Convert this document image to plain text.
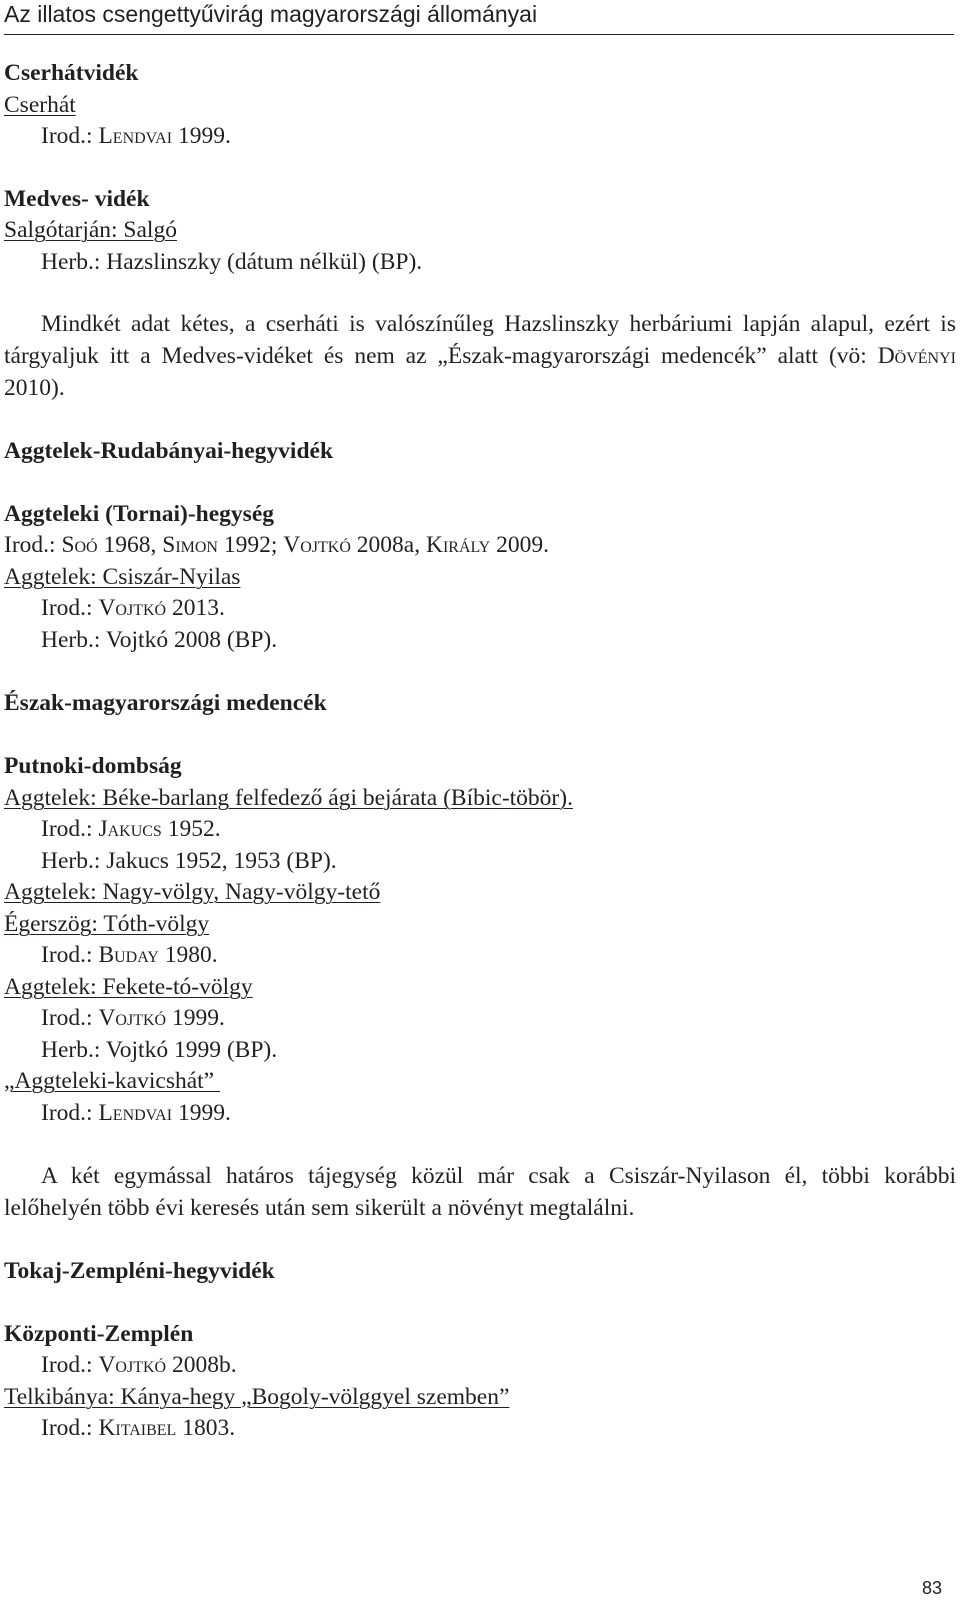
Az illatos csengettyűvirág magyarországi állományai
Cserhátvidék
Cserhát
Irod.: Lendvai 1999.
Medves- vidék
Salgótarján: Salgó
Herb.: Hazslinszky (dátum nélkül) (BP).
Mindkét adat kétes, a cserháti is valószínűleg Hazslinszky herbáriumi lapján alapul, ezért is tárgyaljuk itt a Medves-vidéket és nem az „Észak-magyarországi medencék” alatt (vö: Dövényi 2010).
Aggtelek-Rudabányai-hegyvidék
Aggteleki (Tornai)-hegység
Irod.: Soó 1968, Simon 1992; Vojtkó 2008a, Király 2009.
Aggtelek: Csiszár-Nyilas
Irod.: Vojtkó 2013.
Herb.: Vojtkó 2008 (BP).
Észak-magyarországi medencék
Putnoki-dombság
Aggtelek: Béke-barlang felfedező ági bejárata (Bíbic-töbör).
Irod.: Jakucs 1952.
Herb.: Jakucs 1952, 1953 (BP).
Aggtelek: Nagy-völgy, Nagy-völgy-tető
Égerszög: Tóth-völgy
Irod.: Buday 1980.
Aggtelek: Fekete-tó-völgy
Irod.: Vojtkó 1999.
Herb.: Vojtkó 1999 (BP).
„Aggteleki-kavicshát”
Irod.: Lendvai 1999.
A két egymással határos tájegység közül már csak a Csiszár-Nyilason él, többi korábbi lelőhelyén több évi keresés után sem sikerült a növényt megtalálni.
Tokaj-Zempléni-hegyvidék
Központi-Zemplén
Irod.: Vojtkó 2008b.
Telkibánya: Kánya-hegy „Bogoly-völggyel szemben”
Irod.: Kitaibel 1803.
83
